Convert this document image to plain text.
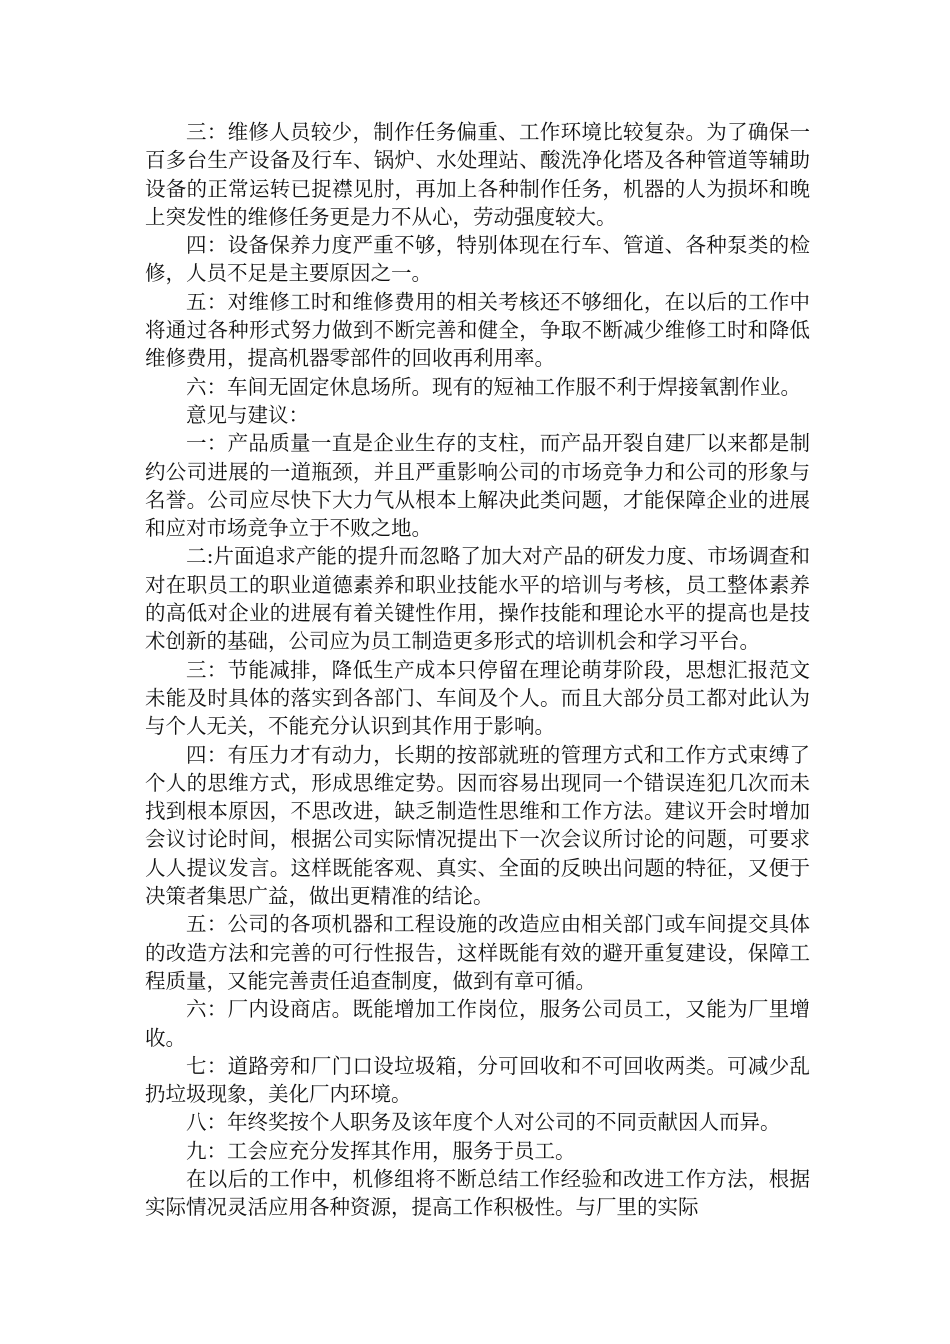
三：维修人员较少，制作任务偏重、工作环境比较复杂。为了确保一百多台生产设备及行车、锅炉、水处理站、酸洗净化塔及各种管道等辅助设备的正常运转已捉襟见肘，再加上各种制作任务，机器的人为损坏和晚上突发性的维修任务更是力不从心，劳动强度较大。

四：设备保养力度严重不够，特别体现在行车、管道、各种泵类的检修，人员不足是主要原因之一。

五：对维修工时和维修费用的相关考核还不够细化，在以后的工作中将通过各种形式努力做到不断完善和健全，争取不断减少维修工时和降低维修费用，提高机器零部件的回收再利用率。

六：车间无固定休息场所。现有的短袖工作服不利于焊接氧割作业。

意见与建议：

一：产品质量一直是企业生存的支柱，而产品开裂自建厂以来都是制约公司进展的一道瓶颈，并且严重影响公司的市场竞争力和公司的形象与名誉。公司应尽快下大力气从根本上解决此类问题，才能保障企业的进展和应对市场竞争立于不败之地。

二:片面追求产能的提升而忽略了加大对产品的研发力度、市场调查和对在职员工的职业道德素养和职业技能水平的培训与考核，员工整体素养的高低对企业的进展有着关键性作用，操作技能和理论水平的提高也是技术创新的基础，公司应为员工制造更多形式的培训机会和学习平台。

三：节能减排，降低生产成本只停留在理论萌芽阶段，思想汇报范文未能及时具体的落实到各部门、车间及个人。而且大部分员工都对此认为与个人无关，不能充分认识到其作用于影响。

四：有压力才有动力，长期的按部就班的管理方式和工作方式束缚了个人的思维方式，形成思维定势。因而容易出现同一个错误连犯几次而未找到根本原因，不思改进，缺乏制造性思维和工作方法。建议开会时增加会议讨论时间，根据公司实际情况提出下一次会议所讨论的问题，可要求人人提议发言。这样既能客观、真实、全面的反映出问题的特征，又便于决策者集思广益，做出更精准的结论。

五：公司的各项机器和工程设施的改造应由相关部门或车间提交具体的改造方法和完善的可行性报告，这样既能有效的避开重复建设，保障工程质量，又能完善责任追查制度，做到有章可循。

六：厂内设商店。既能增加工作岗位，服务公司员工，又能为厂里增收。

七：道路旁和厂门口设垃圾箱，分可回收和不可回收两类。可减少乱扔垃圾现象，美化厂内环境。

八：年终奖按个人职务及该年度个人对公司的不同贡献因人而异。

九：工会应充分发挥其作用，服务于员工。

在以后的工作中，机修组将不断总结工作经验和改进工作方法，根据实际情况灵活应用各种资源，提高工作积极性。与厂里的实际
